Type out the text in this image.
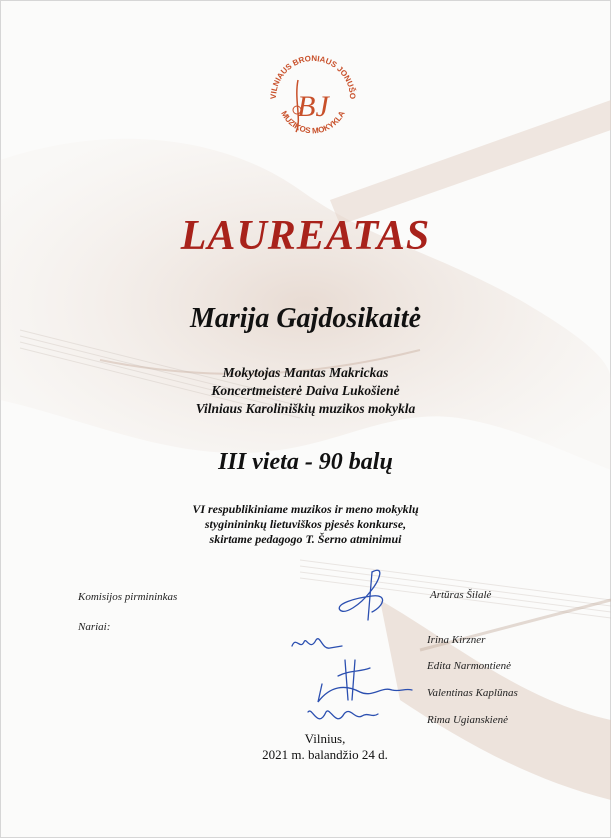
VILNIAUS BRONIAUS JONUŠO
MUZIKOS MOKYKLA
BJ
LAUREATAS
Marija Gajdosikaitė
Mokytojas Mantas Makrickas
Koncertmeisterė Daiva Lukošienė
Vilniaus Karoliniškių muzikos mokykla
III vieta - 90 balų
VI respublikiniame muzikos ir meno mokyklų
styginininkų lietuviškos pjesės konkurse,
skirtame pedagogo T. Šerno atminimui
Komisijos pirmininkas	Artūras Šilalė
Nariai:
Irina Kirzner
Edita Narmontienė
Valentinas Kaplūnas
Rima Ugianskienė
Vilnius,
2021 m. balandžio 24 d.
